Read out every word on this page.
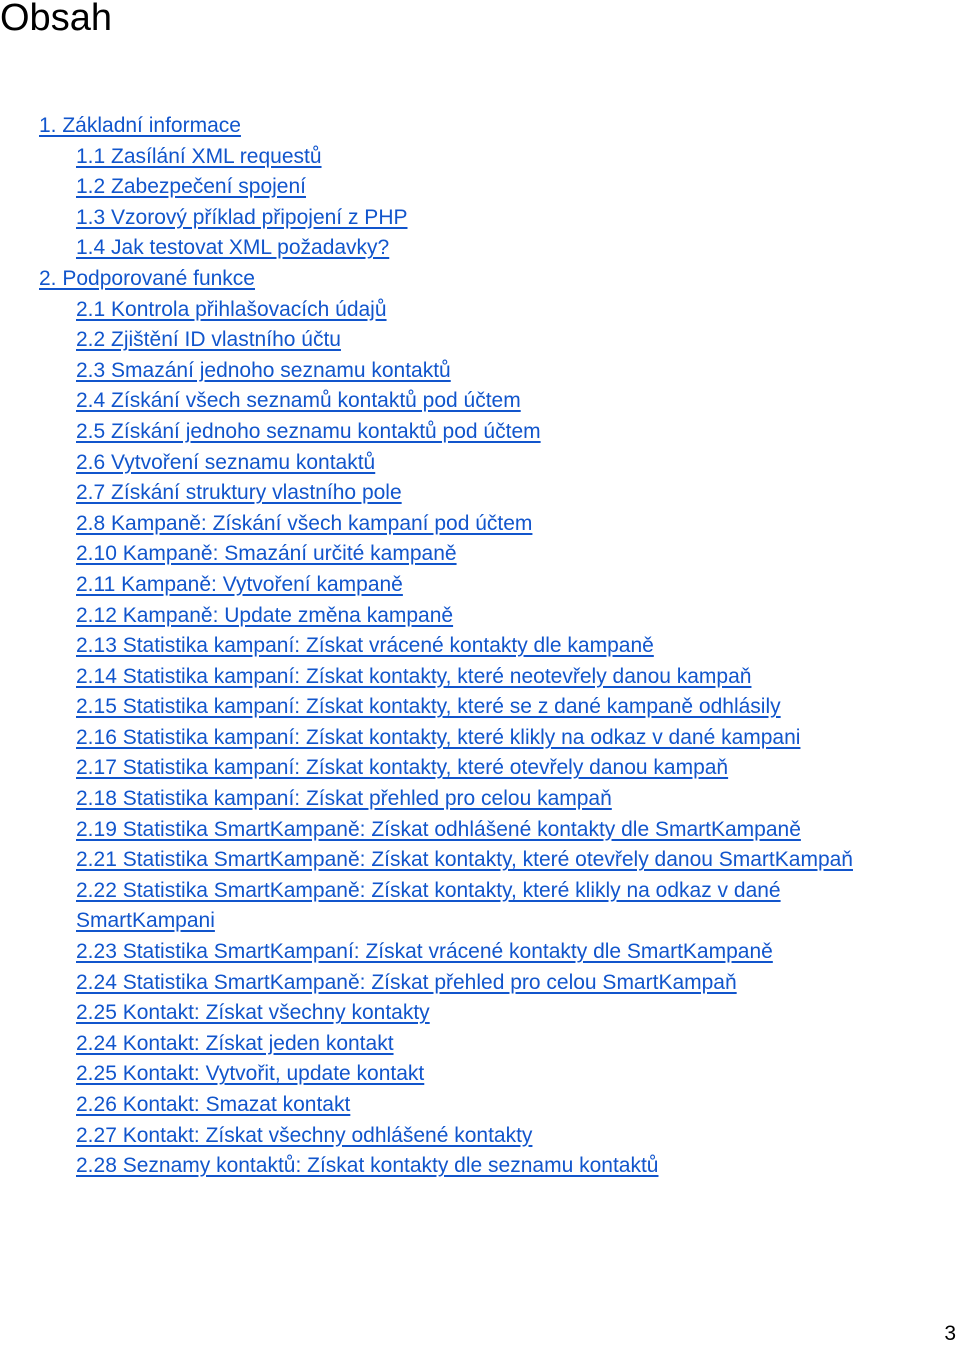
Obsah
1. Základní informace
1.1 Zasílání XML requestů
1.2 Zabezpečení spojení
1.3 Vzorový příklad připojení z PHP
1.4 Jak testovat XML požadavky?
2. Podporované funkce
2.1 Kontrola přihlašovacích údajů
2.2 Zjištění ID vlastního účtu
2.3 Smazání jednoho seznamu kontaktů
2.4 Získání všech seznamů kontaktů pod účtem
2.5 Získání jednoho seznamu kontaktů pod účtem
2.6 Vytvoření seznamu kontaktů
2.7 Získání struktury vlastního pole
2.8 Kampaně: Získání všech kampaní pod účtem
2.10 Kampaně: Smazání určité kampaně
2.11 Kampaně: Vytvoření kampaně
2.12 Kampaně: Update změna kampaně
2.13 Statistika kampaní: Získat vrácené kontakty dle kampaně
2.14 Statistika kampaní: Získat kontakty, které neotevřely danou kampaň
2.15 Statistika kampaní: Získat kontakty, které se z dané kampaně odhlásily
2.16 Statistika kampaní: Získat kontakty, které klikly na odkaz v dané kampani
2.17 Statistika kampaní: Získat kontakty, které otevřely danou kampaň
2.18 Statistika kampaní: Získat přehled pro celou kampaň
2.19 Statistika SmartKampaně: Získat odhlášené kontakty dle SmartKampaně
2.21 Statistika SmartKampaně: Získat kontakty, které otevřely danou SmartKampaň
2.22 Statistika SmartKampaně: Získat kontakty, které klikly na odkaz v dané SmartKampani
2.23 Statistika SmartKampaní: Získat vrácené kontakty dle SmartKampaně
2.24 Statistika SmartKampaně: Získat přehled pro celou SmartKampaň
2.25 Kontakt: Získat všechny kontakty
2.24 Kontakt: Získat jeden kontakt
2.25 Kontakt: Vytvořit, update kontakt
2.26 Kontakt: Smazat kontakt
2.27 Kontakt: Získat všechny odhlášené kontakty
2.28 Seznamy kontaktů: Získat kontakty dle seznamu kontaktů
3
